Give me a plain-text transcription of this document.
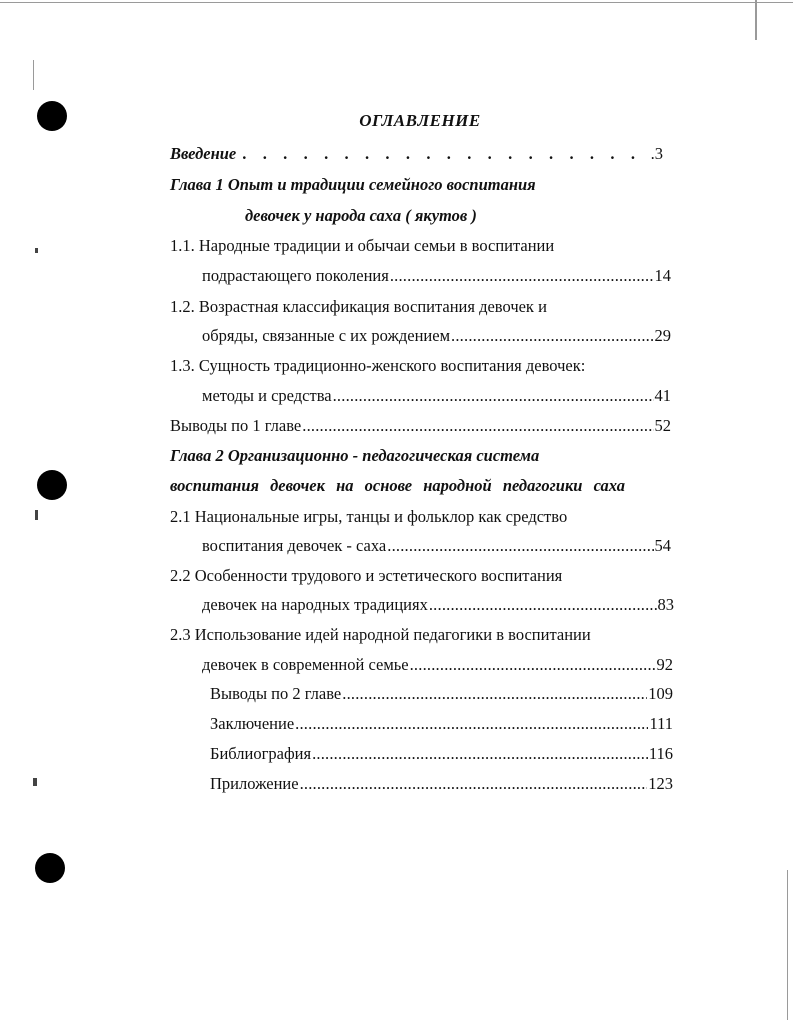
ОГЛАВЛЕНИЕ
Введение . . .	.3
Глава 1 Опыт и традиции семейного воспитания
девочек у народа саха ( якутов )
1.1. Народные традиции и обычаи семьи в воспитании
подрастающего поколения .....	14
1.2. Возрастная классификация воспитания девочек и
обряды, связанные с их рождением .....	29
1.3. Сущность традиционно-женского воспитания девочек:
методы и средства .....	41
Выводы по 1 главе .....	52
Глава 2 Организационно - педагогическая система
воспитания девочек на основе народной педагогики саха
2.1 Национальные игры, танцы и фольклор как средство
воспитания девочек - саха .....	54
2.2 Особенности трудового и эстетического воспитания
девочек на народных традициях .....	83
2.3 Использование идей народной педагогики в воспитании
девочек в современной семье .....	92
Выводы по 2 главе .....	109
Заключение .....	111
Библиография .....	116
Приложение .....	123
